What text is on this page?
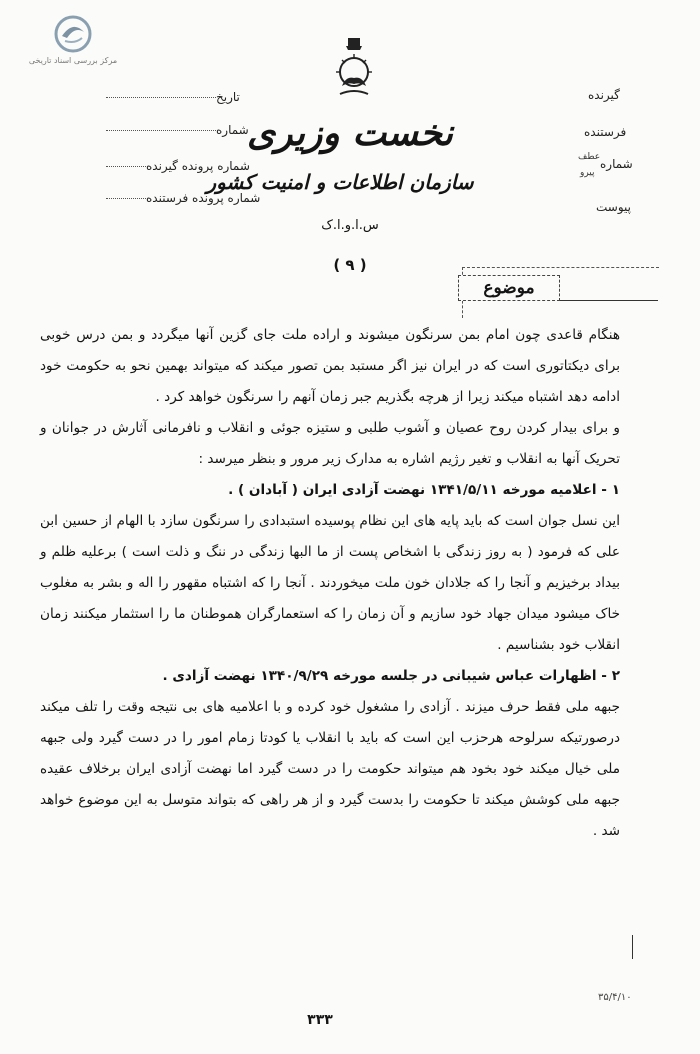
مرکز بررسی اسناد تاریخی
نخست وزیری
سازمان اطلاعات و امنیت کشور
س.ا.و.ا.ک
( ۹ )
گیرنده
فرستنده
شماره
عطف
پیرو
پیوست
تاریخ
شماره
شماره پرونده گیرنده
شماره پرونده فرستنده
موضوع

هنگام قاعدی چون امام بمن سرنگون میشوند و اراده ملت جای گزین آنها میگردد و بمن درس خوبی برای دیکتاتوری است که در ایران نیز اگر مستبد بمن تصور میکند که میتواند بهمین نحو به حکومت خود ادامه دهد اشتباه میکند زیرا از هرچه بگذریم جبر زمان آنهم را سرنگون خواهد کرد .

و برای بیدار کردن روح عصیان و آشوب طلبی و ستیزه جوئی و انقلاب و نافرمانی آثارش در جوانان و تحریک آنها به انقلاب و تغیر رژیم اشاره به مدارک زیر مرور و بنظر میرسد :

۱ - اعلامیه مورخه ۱۳۴۱/۵/۱۱ نهضت آزادی ایران ( آبادان ) .

این نسل جوان است که باید پایه های این نظام پوسیده استبدادی را سرنگون سازد با الهام از حسین ابن علی که فرمود ( به روز زندگی با اشخاص پست از ما البها زندگی در ننگ و ذلت است ) برعلیه ظلم و بیداد برخیزیم و آنجا را که جلادان خون ملت میخوردند . آنجا را که اشتباه مقهور را اله و بشر به مغلوب خاک میشود میدان جهاد خود سازیم و آن زمان را که استعمارگران هموطنان ما را استثمار میکنند زمان انقلاب خود بشناسیم .

۲ - اظهارات عباس شیبانی در جلسه مورخه ۱۳۴۰/۹/۲۹ نهضت آزادی .

جبهه ملی فقط حرف میزند . آزادی را مشغول خود کرده و با اعلامیه های بی نتیجه وقت را تلف میکند درصورتیکه سرلوحه هرحزب این است که باید با انقلاب یا کودتا زمام امور را در دست گیرد ولی جبهه ملی خیال میکند خود بخود هم میتواند حکومت را در دست گیرد اما نهضت آزادی ایران برخلاف عقیده جبهه ملی کوشش میکند تا حکومت را بدست گیرد و از هر راهی که بتواند متوسل به این موضوع خواهد شد .

۳۵/۴/۱۰
۳۳۳
